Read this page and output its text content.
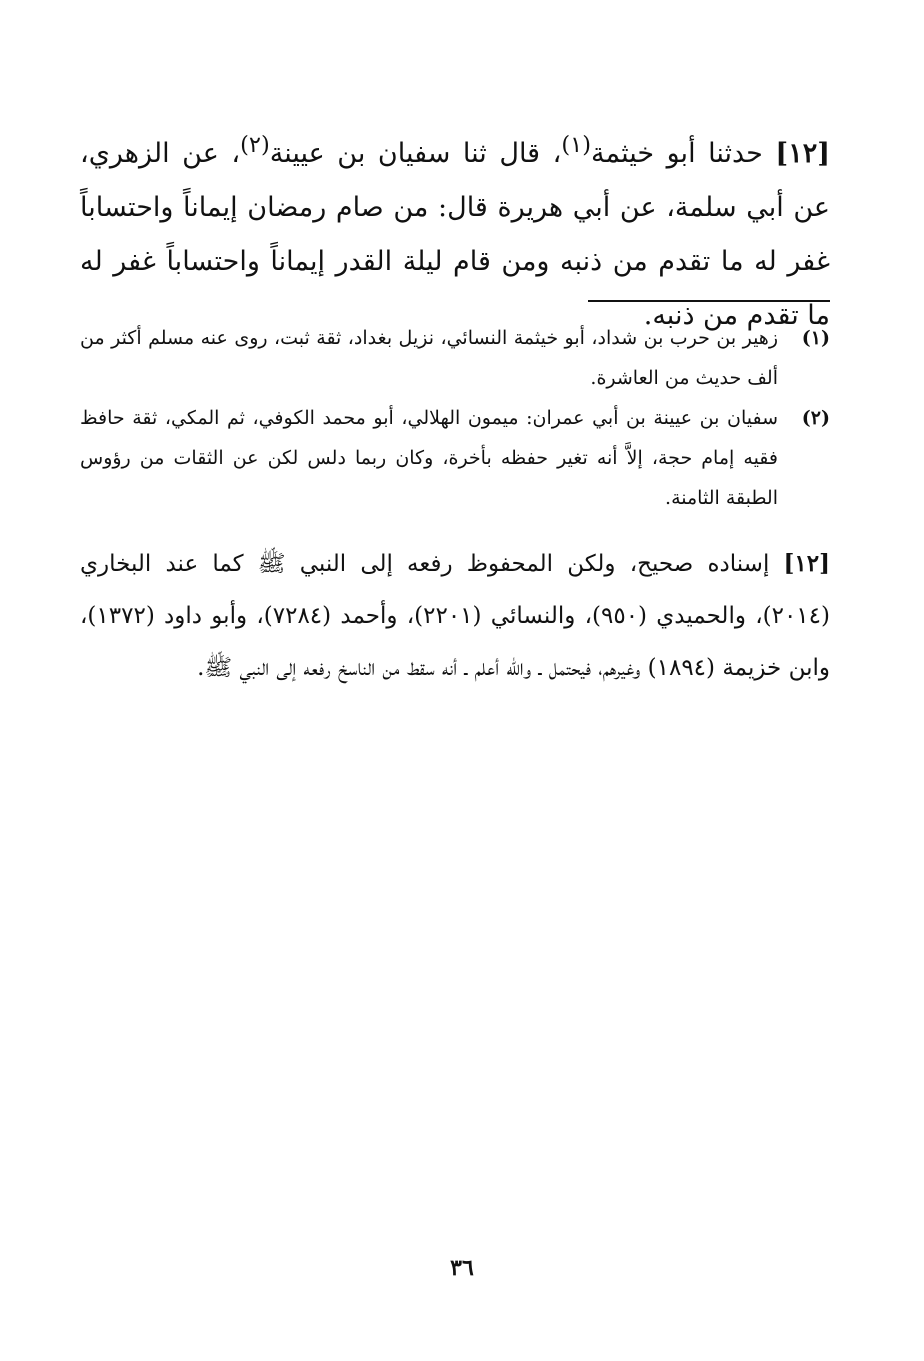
[١٢] حدثنا أبو خيثمة$^{(١)}$، قال ثنا سفيان بن عيينة$^{(٢)}$، عن الزهري، عن أبي سلمة، عن أبي هريرة قال: من صام رمضان إيماناً واحتساباً غفر له ما تقدم من ذنبه ومن قام ليلة القدر إيماناً واحتساباً غفر له ما تقدم من ذنبه.

(١)
زهير بن حرب بن شداد، أبو خيثمة النسائي، نزيل بغداد، ثقة ثبت، روى عنه مسلم أكثر من ألف حديث من العاشرة.
(٢)
سفيان بن عيينة بن أبي عمران: ميمون الهلالي، أبو محمد الكوفي، ثم المكي، ثقة حافظ فقيه إمام حجة، إلاَّ أنه تغير حفظه بأخرة، وكان ربما دلس لكن عن الثقات من رؤوس الطبقة الثامنة.

[١٢] إسناده صحيح، ولكن المحفوظ رفعه إلى النبي ﷺ كما عند البخاري (٢٠١٤)، والحميدي (٩٥٠)، والنسائي (٢٢٠١)، وأحمد (٧٢٨٤)، وأبو داود (١٣٧٢)، وابن خزيمة (١٨٩٤) وغيرهم، فيحتمل ـ والله أعلم ـ أنه سقط من الناسخ رفعه إلى النبي ﷺ.

٣٦
